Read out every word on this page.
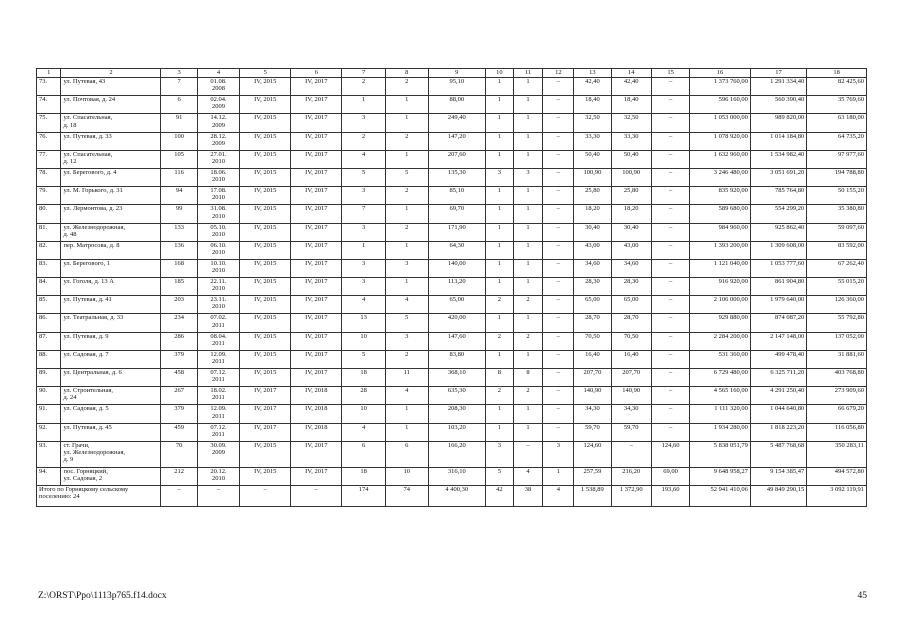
1	2	3	4	5	6	7	8	9	10	11	12	13	14	15	16	17	18
73.	ул. Путевая, 43	7	01.08.
2008	IV, 2015	IV, 2017	2	2	95,10	1	1	–	42,40	42,40	–	1 373 760,00	1 291 334,40	82 425,60
74.	ул. Почтовая, д. 24	6	02.04.
2009	IV, 2015	IV, 2017	1	1	88,00	1	1	–	18,40	18,40	–	596 160,00	560 390,40	35 769,60
75.	ул. Спасательная,
д. 18	91	14.12.
2009	IV, 2015	IV, 2017	3	1	249,40	1	1	–	32,50	32,50	–	1 053 000,00	989 820,00	63 180,00
76.	ул. Путевая, д. 33	100	28.12.
2009	IV, 2015	IV, 2017	2	2	147,20	1	1	–	33,30	33,30	–	1 078 920,00	1 014 184,80	64 735,20
77.	ул. Спасательная,
д. 12	105	27.01.
2010	IV, 2015	IV, 2017	4	1	207,60	1	1	–	50,40	50,40	–	1 632 960,00	1 534 982,40	97 977,60
78.	ул. Берегового, д. 4	116	18.06.
2010	IV, 2015	IV, 2017	5	5	135,30	3	3	–	100,90	100,90	–	3 246 480,00	3 051 691,20	194 788,80
79.	ул. М. Горького, д. 31	94	17.08.
2010	IV, 2015	IV, 2017	3	2	85,10	1	1	–	25,80	25,80	–	835 920,00	785 764,80	50 155,20
80.	ул. Лермонтова, д. 23	99	31.08.
2010	IV, 2015	IV, 2017	7	1	69,70	1	1	–	18,20	18,20	–	589 680,00	554 299,20	35 380,80
81.	ул. Железнодорожная,
д. 48	133	05.10.
2010	IV, 2015	IV, 2017	3	2	171,90	1	1	–	30,40	30,40	–	984 960,00	925 862,40	59 097,60
82.	пер. Матросова, д. 8	136	06.10.
2010	IV, 2015	IV, 2017	1	1	64,30	1	1	–	43,00	43,00	–	1 393 200,00	1 309 608,00	83 592,00
83.	ул. Берегового, 1	168	10.10.
2010	IV, 2015	IV, 2017	3	3	140,00	1	1	–	34,60	34,60	–	1 121 040,00	1 053 777,60	67 262,40
84.	ул. Гоголя, д. 13 А	185	22.11.
2010	IV, 2015	IV, 2017	3	1	113,20	1	1	–	28,30	28,30	–	916 920,00	861 904,80	55 015,20
85.	ул. Путевая, д. 41	203	23.11.
2010	IV, 2015	IV, 2017	4	4	65,00	2	2	–	65,00	65,00	–	2 106 000,00	1 979 640,00	126 360,00
86.	ул. Театральная, д. 33	234	07.02.
2011	IV, 2015	IV, 2017	13	5	420,00	1	1	–	28,70	28,70	–	929 880,00	874 087,20	55 792,80
87.	ул. Путевая, д. 9	286	08.04.
2011	IV, 2015	IV, 2017	10	3	147,60	2	2	–	70,50	70,50	–	2 284 200,00	2 147 148,00	137 052,00
88.	ул. Садовая, д. 7	379	12.09.
2011	IV, 2015	IV, 2017	5	2	83,80	1	1	–	16,40	16,40	–	531 360,00	499 478,40	31 881,60
89.	ул. Центральная, д. 6	458	07.12.
2011	IV, 2015	IV, 2017	18	11	368,10	8	8	–	207,70	207,70	–	6 729 480,00	6 325 711,20	403 768,80
90.	ул. Строительная,
д. 24	267	18.02.
2011	IV, 2017	IV, 2018	28	4	635,30	2	2	–	140,90	140,90	–	4 565 160,00	4 291 250,40	273 909,60
91.	ул. Садовая, д. 5	379	12.09.
2011	IV, 2017	IV, 2018	10	1	208,30	1	1	–	34,30	34,30	–	1 111 320,00	1 044 640,80	66 679,20
92.	ул. Путевая, д. 45	459	07.12.
2011	IV, 2017	IV, 2018	4	1	103,20	1	1	–	59,70	59,70	–	1 934 280,00	1 818 223,20	116 056,80
93.	ст. Грачи,
ул. Железнодорожная,
д. 9	70	30.09.
2009	IV, 2015	IV, 2017	6	6	166,20	3	–	3	124,60	–	124,60	5 838 051,79	5 487 768,68	350 283,11
94.	пос. Горняцкий,
ул. Садовая, 2	212	20.12.
2010	IV, 2015	IV, 2017	18	10	316,10	5	4	1	257,59	216,20	69,00	9 648 958,27	9 154 385,47	494 572,80
Итого по Горняцкому сельскому поселению: 24		–	–	–	–	174	74	4 400,30	42	38	4	1 538,89	1 372,90	193,60	52 941 410,06	49 849 290,15	3 092 119,91
Z:\ORST\Ppo\1113p765.f14.docx	45
